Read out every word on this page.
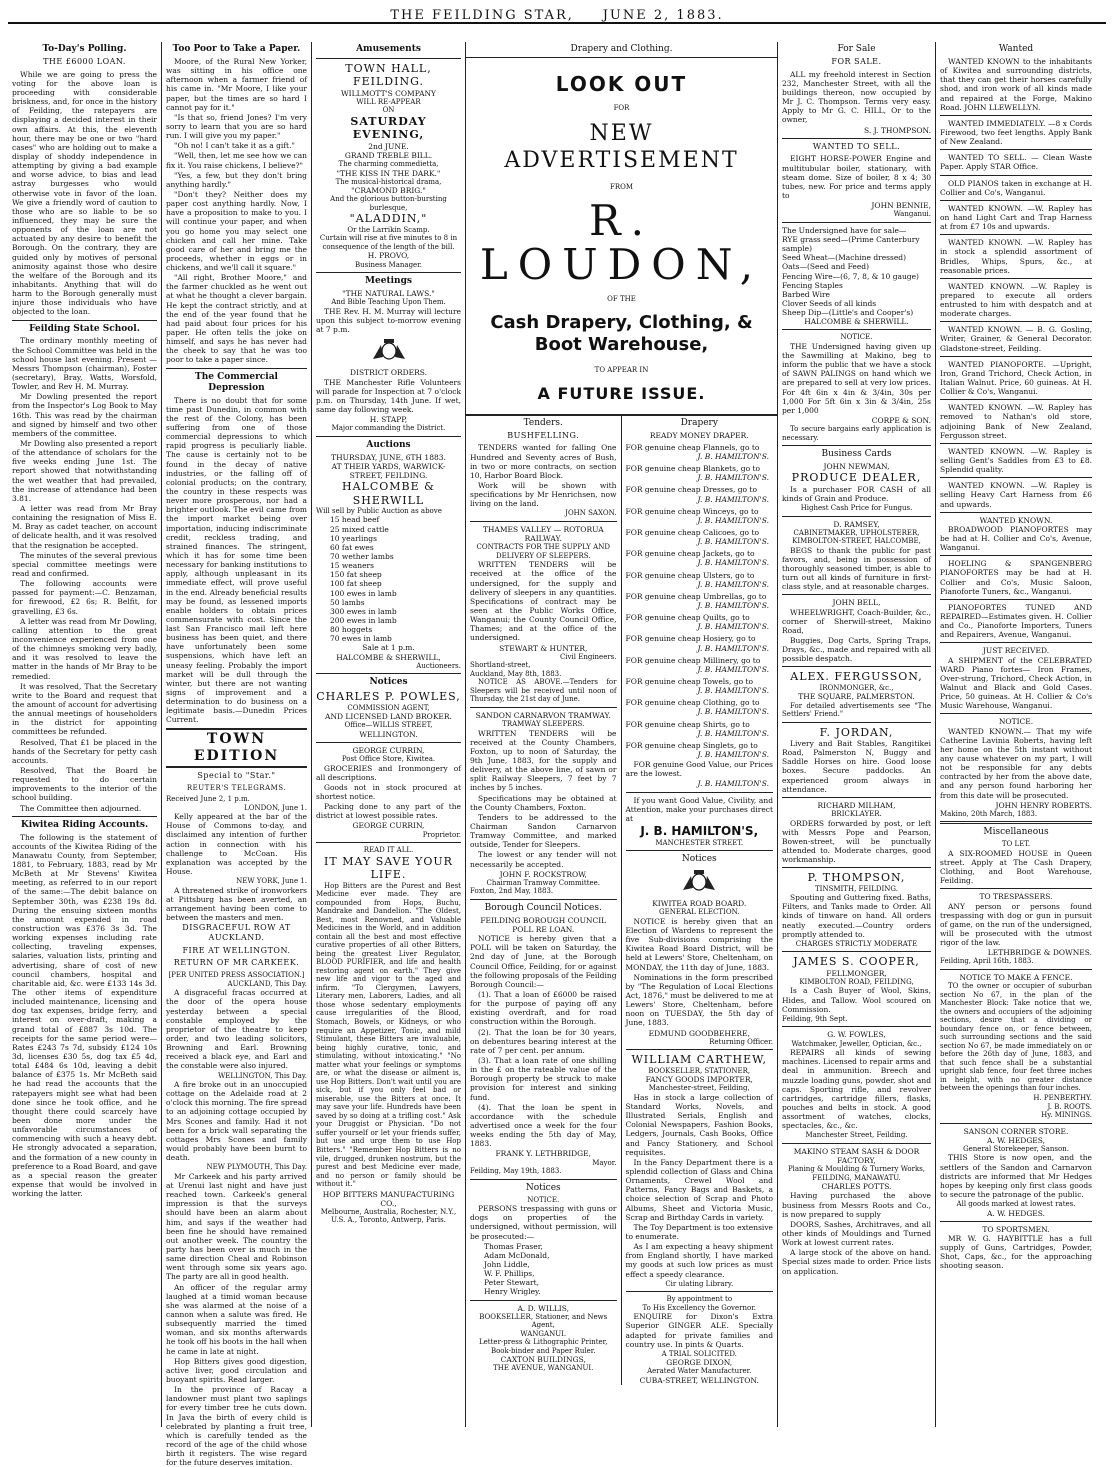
THE FEILDING STAR, JUNE 2, 1883.
To-Day's Polling.
THE £6000 LOAN.

While we are going to press the voting for the above loan is proceeding with considerable briskness, and, for once in the history of Feilding, the ratepayers are displaying a decided interest in their own affairs. At this, the eleventh hour, there may be one or two "hard cases" who are holding out to make a display of shoddy independence in attempting by giving a bad example and worse advice, to bias and lead astray burgesses who would otherwise vote in favor of the loan. We give a friendly word of caution to those who are so liable to be so influenced, they may be sure the opponents of the loan are not actuated by any desire to benefit the Borough. On the contrary, they are guided only by motives of personal animosity against those who desire the welfare of the Borough and its inhabitants. Anything that will do harm to the Borough generally must injure those individuals who have objected to the loan.

Feilding State School.

The ordinary monthly meeting of the School Committee was held in the school house last evening. Present — Messrs Thompson (chairman), Foster (secretary), Bray, Watts, Worsfold, Towler, and Rev H. M. Murray.

Mr Dowling presented the report from the Inspector's Log Book to May 16th. This was read by the chairman and signed by himself and two other members of the committee.

Mr Dowling also presented a report of the attendance of scholars for the five weeks ending June 1st. The report showed that notwithstanding the wet weather that had prevailed, the increase of attendance had been 3.81.

A letter was read from Mr Bray containing the resignation of Miss E. M. Bray as cadet teacher, on account of delicate health, and it was resolved that the resignation be accepted.

The minutes of the several previous special committee meetings were read and confirmed.

The following accounts were passed for payment:—C. Benzaman, for firewood, £2 6s; R. Belfit, for gravelling, £3 6s.

A letter was read from Mr Dowling, calling attention to the great inconvenience experienced from one of the chimneys smoking very badly, and it was resolved to leave the matter in the hands of Mr Bray to be remedied.

It was resolved, That the Secretary write to the Board and request that the amount of account for advertising the annual meetings of householders in the district for appointing committees be refunded.

Resolved, That £1 be placed in the hands of the Secretary for petty cash accounts.

Resolved, That the Board be requested to do certain improvements to the interior of the school building.

The Committee then adjourned.

Kiwitea Riding Accounts.

The following is the statement of accounts of the Kiwitea Riding of the Manawatu County, from September, 1881, to February, 1883, read by Mr McBeth at Mr Stevens' Kiwitea meeting, as referred to in our report of the same:—The debit balance on September 30th, was £238 19s 8d. During the ensuing sixteen months the amount expended in road construction was £376 3s 3d. The working expenses including rate collecting, traveling expenses, salaries, valuation lists, printing and advertising, share of cost of new council chambers, hospital and charitable aid, &c. were £133 14s 3d. The other items of expenditure included maintenance, licensing and dog tax expenses, bridge ferry, and interest on over-draft, making a grand total of £887 3s 10d. The receipts for the same period were—Rates £243 7s 7d, subsidy £124 10s 3d, licenses £30 5s, dog tax £5 4d, total £484 6s 10d, leaving a debit balance of £375 1s. Mr McBeth said he had read the accounts that the ratepayers might see what had been done since he took office, and he thought there could scarcely have been done more under the unfavorable circumstances of commencing with such a heavy debt. He strongly advocated a separation, and the formation of a new county in preference to a Road Board, and gave as a special reason the greater expense that would be involved in working the latter.

Too Poor to Take a Paper.

Moore, of the Rural New Yorker, was sitting in his office one afternoon when a farmer friend of his came in. "Mr Moore, I like your paper, but the times are so hard I cannot pay for it."

"Is that so, friend Jones? I'm very sorry to learn that you are so hard run. I will give you my paper."

"Oh no! I can't take it as a gift."

"Well, then, let me see how we can fix it. You raise chickens, I believe?"

"Yes, a few, but they don't bring anything hardly."

"Don't they? Neither does my paper cost anything hardly. Now, I have a proposition to make to you. I will continue your paper, and when you go home you may select one chicken and call her mine. Take good care of her and bring me the proceeds, whether in eggs or in chickens, and we'll call it square."

"All right, Brother Moore," and the farmer chuckled as he went out at what he thought a clever bargain. He kept the contract strictly, and at the end of the year found that he had paid about four prices for his paper. He often tells the joke on himself, and says he has never had the cheek to say that he was too poor to take a paper since.

The Commercial Depression

There is no doubt that for some time past Dunedin, in common with the rest of the Colony, has been suffering from one of those commercial depressions to which rapid progress is peculiarly liable. The cause is certainly not to be found in the decay of native industries, or the falling off of colonial products; on the contrary, the country in these respects was never more prosperous, nor had a brighter outlook. The evil came from the import market being over importation, inducing indiscriminate credit, reckless trading, and strained finances. The stringent, which it has for some time been necessary for banking institutions to apply, although unpleasant in its immediate effect, will prove useful in the end. Already beneficial results may be found, as lessened imports enable holders to obtain prices commensurate with cost. Since the last San Francisco mail left here business has been quiet, and there have unfortunately been some suspensions, which have left an uneasy feeling. Probably the import market will be dull through the winter, but there are not wanting signs of improvement and a determination to do business on a legitimate basis.—Dunedin Prices Current.

TOWN EDITION
Special to "Star."
REUTER'S TELEGRAMS.
Received June 2, 1 p.m.
LONDON, June 1.

Kelly appeared at the bar of the House of Commons to-day, and disclaimed any intention of further action in connection with his challenge to McCoan. His explanation was accepted by the House.

NEW YORK, June 1.

A threatened strike of ironworkers at Pittsburg has been averted, an arrangement having been come to between the masters and men.

DISGRACEFUL ROW AT AUCKLAND.
FIRE AT WELLINGTON.
RETURN OF MR CARKEEK.
[PER UNITED PRESS ASSOCIATION.]
AUCKLAND, This Day.

A disgraceful fracas occurred at the door of the opera house yesterday between a special constable employed by the proprietor of the theatre to keep order, and two leading solicitors, Browning and Earl. Browning received a black eye, and Earl and the constable were also injured.

WELLINGTON, This Day.

A fire broke out in an unoccupied cottage on the Adelaide road at 2 o'clock this morning. The fire spread to an adjoining cottage occupied by Mrs Scones and family. Had it not been for a brick wall separating the cottages Mrs Scones and family would probably have been burnt to death.

NEW PLYMOUTH, This Day.

Mr Carkeek and his party arrived at Urenui last night and have just reached town. Carkeek's general impression is that the surveys should have been an alarm about him, and says if the weather had been fine he should have remained out another week. The country the party has been over is much in the same direction Cheal and Robinson went through some six years ago. The party are all in good health.

An officer of the regular army laughed at a timid woman because she was alarmed at the noise of a cannon when a salute was fired. He subsequently married the timed woman, and six months afterwards he took off his boots in the hall when he came in late at night.

Hop Bitters gives good digestion, active liver, good circulation and buoyant spirits. Read larger.

In the province of Racay a landowner must plant two saplings for every timber tree he cuts down. In Java the birth of every child is celebrated by planting a fruit tree, which is carefully tended as the record of the age of the child whose birth it registers. The wise regard for the future deserves imitation.

Amusements
TOWN HALL, FEILDING.
WILLMOTT'S COMPANY
WILL RE-APPEAR
ON
SATURDAY EVENING,
2nd JUNE.
GRAND TREBLE BILL.
The charming commedietta,
"THE KISS IN THE DARK."
The musical-historical drama,
"CRAMOND BRIG."
And the glorious button-bursting burlesque,
"ALADDIN,"
Or the Larrikin Scamp.
Curtain will rise at five minutes to 8 in consequence of the length of the bill.
H. PROVO,
Business Manager.
Meetings
"THE NATURAL LAWS."
And Bible Teaching Upon Them.

THE Rev. H. M. Murray will lecture upon this subject to-morrow evening at 7 p.m.

DISTRICT ORDERS.

THE Manchester Rifle Volunteers will parade for Inspection at 7 o'clock p.m. on Thursday, 14th June. If wet, same day following week.

H. STAPP,
Major commanding the District.
Auctions
THURSDAY, JUNE, 6TH 1883.
AT THEIR YARDS, WARWICK-STREET, FEILDING.
HALCOMBE & SHERWILL
Will sell by Public Auction as above
15 head beef
25 mixed cattle
10 yearlings
60 fat ewes
70 wether lambs
15 weaners
150 fat sheep
100 fat sheep
100 ewes in lamb
50 lambs
300 ewes in lamb
200 ewes in lamb
80 hoggets
70 ewes in lamb
Sale at 1 p.m.
HALCOMBE & SHERWILL,
Auctioneers.
Notices
CHARLES P. POWLES,
COMMISSION AGENT,
AND LICENSED LAND BROKER.
Office—WILLIS STREET,
WELLINGTON.
GEORGE CURRIN,
Post Office Store, Kiwitea.

GROCERIES and Ironmongery of all descriptions.

Goods not in stock procured at shortest notice.

Packing done to any part of the district at lowest possible rates.

GEORGE CURRIN,
Proprietor.
READ IT ALL.
IT MAY SAVE YOUR LIFE.

Hop Bitters are the Purest and Best Medicine ever made. They are compounded from Hops, Buchu, Mandrake and Dandelion. "The Oldest, Best, most Renowned, and Valuable Medicines in the World, and in addition contain all the best and most effective curative properties of all other Bitters, being the greatest Liver Regulator, BLOOD PURIFIER, and life and health restoring agent on earth." They give new life and vigor to the aged and infirm. "To Clergymen, Lawyers, Literary men, Laborers, Ladies, and all those whose sedentary employments cause irregularities of the Blood, Stomach, Bowels, or Kidneys, or who require an Appetizer, Tonic, and mild Stimulant, these Bitters are invaluable, being highly curative, tonic, and stimulating, without intoxicating." "No matter what your feelings or symptoms are, or what the disease or ailment is, use Hop Bitters. Don't wait until you are sick, but if you only feel bad or miserable, use the Bitters at once. It may save your life. Hundreds have been saved by so doing at a trifling cost." Ask your Druggist or Physician. "Do not suffer yourself or let your friends suffer, but use and urge them to use Hop Bitters." "Remember Hop Bitters is no vile, drugged, drunken nostrum, but the purest and best Medicine ever made, and no person or family should be without it."

HOP BITTERS MANUFACTURING CO.,
Melbourne, Australia, Rochester, N.Y., U.S. A., Toronto, Antwerp, Paris.
Drapery and Clothing.
LOOK OUT
FOR
NEW ADVERTISEMENT
FROM
R. LOUDON,
OF THE
Cash Drapery, Clothing, & Boot Warehouse,
TO APPEAR IN
A FUTURE ISSUE.
Tenders.
BUSHFELLING.

TENDERS wanted for falling One Hundred and Seventy acres of Bush, in two or more contracts, on section 10, Harbor Board Block.

Work will be shown with specifications by Mr Henrichsen, now living on the land.

JOHN SAXON.
THAMES VALLEY — ROTORUA RAILWAY.
CONTRACTS FOR THE SUPPLY AND DELIVERY OF SLEEPERS.

WRITTEN TENDERS will be received at the office of the undersigned, for the supply and delivery of sleepers in any quantities. Specifications of contract may be seen at the Public Works Office, Wanganui; the County Council Office, Thames; and at the office of the undersigned.

STEWART & HUNTER,
Civil Engineers.
Shortland-street,
Auckland, May 8th, 1883.

NOTICE AS ABOVE.—Tenders for Sleepers will be received until noon of Thursday, the 21st day of June.

SANDON CARNARVON TRAMWAY.
TRAMWAY SLEEPERS.

WRITTEN TENDERS will be received at the County Chambers, Foxton, up to noon of Saturday, the 9th June, 1883, for the supply and delivery, at the above line, of sawn or split Railway Sleepers, 7 feet by 7 inches by 5 inches.

Specifications may be obtained at the County Chambers, Foxton.

Tenders to be addressed to the Chairman Sandon Carnarvon Tramway Committee, and marked outside, Tender for Sleepers.

The lowest or any tender will not necessarily be accepted.

JOHN F. ROCKSTROW,
Chairman Tramway Committee.
Foxton, 2nd May, 1883.
Borough Council Notices.
FEILDING BOROUGH COUNCIL
POLL RE LOAN.

NOTICE is hereby given that a POLL will be taken on Saturday, the 2nd day of June, at the Borough Council Office, Feilding, for or against the following proposals of the Feilding Borough Council:—

(1). That a loan of £6000 be raised for the purpose of paying off any existing overdraft, and for road construction within the Borough.

(2). That the loan be for 30 years, on debentures bearing interest at the rate of 7 per cent. per annum.

(3). That a loan rate of one shilling in the £ on the rateable value of the Borough property be struck to make provision for interest and sinking fund.

(4). That the loan be spent in accordance with the schedule advertised once a week for the four weeks ending the 5th day of May, 1883.

FRANK Y. LETHBRIDGE,
Mayor.
Feilding, May 19th, 1883.
Notices
NOTICE.

PERSONS trespassing with guns or dogs on properties of the undersigned, without permission, will be prosecuted:—

Thomas Fraser,
Adam McDonald,
John Liddle,
W. F. Phillips,
Peter Stewart,
Henry Wrigley.
A. D. WILLIS,
BOOKSELLER, Stationer, and News Agent,
WANGANUI.
Letter-press & Lithographic Printer, Book-binder and Paper Ruler.
CAXTON BUILDINGS,
THE AVENUE, WANGANUI.
Drapery
READY MONEY DRAPER.
FOR genuine cheap Flannels, go to
J. B. HAMILTON'S.
FOR genuine cheap Blankets, go to
J. B. HAMILTON'S.
FOR genuine cheap Dresses, go to
J. B. HAMILTON'S.
FOR genuine cheap Winceys, go to
J. B. HAMILTON'S.
FOR genuine cheap Calicoes, go to
J. B. HAMILTON'S.
FOR genuine cheap Jackets, go to
J. B. HAMILTON'S.
FOR genuine cheap Ulsters, go to
J. B. HAMILTON'S.
FOR genuine cheap Umbrellas, go to
J. B. HAMILTON'S.
FOR genuine cheap Quilts, go to
J. B. HAMILTON'S.
FOR genuine cheap Hosiery, go to
J. B. HAMILTON'S.
FOR genuine cheap Millinery, go to
J. B. HAMILTON'S.
FOR genuine cheap Towels, go to
J. B. HAMILTON'S.
FOR genuine cheap Clothing, go to
J. B. HAMILTON'S.
FOR genuine cheap Shirts, go to
J. B. HAMILTON'S.
FOR genuine cheap Singlets, go to
J. B. HAMILTON'S.

FOR genuine Good Value, our Prices are the lowest.

J. B. HAMILTON'S.

If you want Good Value, Civility, and Attention, make your purchases direct at

J. B. HAMILTON'S,
MANCHESTER STREET.
Notices
KIWITEA ROAD BOARD.
GENERAL ELECTION.

NOTICE is hereby given that an Election of Wardens to represent the five Sub-divisions comprising the Kiwitea Road Board District, will be held at Lewers' Store, Cheltenham, on MONDAY, the 11th day of June, 1883.

Nominations in the form prescribed by "The Regulation of Local Elections Act, 1876," must be delivered to me at Lewers' Store, Cheltenham, before noon on TUESDAY, the 5th day of June, 1883.

EDMUND GOODBEHERE,
Returning Officer.
WILLIAM CARTHEW,
BOOKSELLER, STATIONER,
FANCY GOODS IMPORTER,
Manchester-street, Feilding,

Has in stock a large collection of Standard Works, Novels, and Illustrated Serials, English and Colonial Newspapers, Fashion Books, Ledgers, Journals, Cash Books, Office and Fancy Stationery, and School requisites.

In the Fancy Department there is a splendid collection of Glass and China Ornaments, Crewel Wool and Patterns, Fancy Bags and Baskets, a choice selection of Scrap and Photo Albums, Sheet and Victoria Music, Scrap and Birthday Cards in variety.

The Toy Department is too extensive to enumerate.

As I am expecting a heavy shipment from England shortly, I have marked my goods at such low prices as must effect a speedy clearance.

Cir ulating Library.
By appointment to
To His Excellency the Governor.

ENQUIRE for Dixon's Extra Superior GINGER ALE. Specially adapted for private families and country use. In pints & Quarts.

A TRIAL SOLICITED.
GEORGE DIXON,
Aerated Water Manufacturer.
CUBA-STREET, WELLINGTON.
For Sale
FOR SALE.

ALL my freehold interest in Section 232, Manchester Street, with all the buildings thereon, now occupied by Mr J. C. Thompson. Terms very easy. Apply to Mr G. C. HILL, Or to the owner,

S. J. THOMPSON.
WANTED TO SELL.

EIGHT HORSE-POWER Engine and multitubular boiler, stationary, with steam dome. Size of boiler, 8 x 4; 30 tubes, new. For price and terms apply to

JOHN BENNIE,
Wanganui.
The Undersigned have for sale—
RYE grass seed—(Prime Canterbury sample)
Seed Wheat—(Machine dressed)
Oats—(Seed and Feed)
Fencing Wire—(6, 7, 8, & 10 gauge)
Fencing Staples
Barbed Wire
Clover Seeds of all kinds
Sheep Dip—(Little's and Cooper's)
HALCOMBE & SHERWILL.
NOTICE.

THE Undersigned having given up the Sawmilling at Makino, beg to inform the public that we have a stock of SAWN PALINGS on hand which we are prepared to sell at very low prices. For 4ft 6in x 4in & 3/4in, 30s per 1,000 For 5ft 6in x 3in & 3/4in, 25s per 1,000

CORPE & SON.

To secure bargains early application is necessary.

Business Cards
JOHN NEWMAN,
PRODUCE DEALER,

Is a purchaser FOR CASH of all kinds of Grain and Produce.

Highest Cash Price for Fungus.
D. RAMSEY,
CABINETMAKER, UPHOLSTERER,
KIMBOLTON-STREET, HALCOMBE,

BEGS to thank the public for past favors, and, being in possession of thoroughly seasoned timber, is able to turn out all kinds of furniture in first-class style, and at reasonable charges.

JOHN BELL,

WHEELWRIGHT, Coach-Builder, &c., corner of Sherwill-street, Makino Road,

Buggies, Dog Carts, Spring Traps, Drays, &c., made and repaired with all possible despatch.

ALEX. FERGUSSON,
IRONMONGER, &c.,
THE SQUARE, PALMERSTON.

For detailed advertisements see "The Settlers' Friend."

F. JORDAN,

Livery and Bait Stables, Rangitikei Road, Palmerston N, Buggy and Saddle Horses on hire. Good loose boxes. Secure paddocks. An experienced groom always in attendance.

RICHARD MILHAM,
BRICKLAYER.

ORDERS forwarded by post, or left with Messrs Pope and Pearson, Bowen-street, will be punctually attended to. Moderate charges, good workmanship.

P. THOMPSON,
TINSMITH, FEILDING.

Spouting and Guttering fixed. Baths, Filters, and Tanks made to Order. All kinds of tinware on hand. All orders neatly executed.—Country orders promptly attended to.

CHARGES STRICTLY MODERATE
JAMES S. COOPER,
FELLMONGER,
KIMBOLTON ROAD, FEILDING,

Is a Cash Buyer of Wool, Skins, Hides, and Tallow. Wool scoured on Commission.

Feilding, 9th Sept.
G. W. FOWLES,
Watchmaker, Jeweller, Optician, &c.,

REPAIRS all kinds of sewing machines. Licensed to repair arms and deal in ammunition. Breech and muzzle loading guns, powder, shot and caps. Sporting rifle, and revolver cartridges, cartridge fillers, flasks, pouches and belts in stock. A good assortment of watches, clocks, spectacles, &c., &c.

Manchester Street, Feilding.
MAKINO STEAM SASH & DOOR FACTORY,
Planing & Moulding & Turnery Works, FEILDING, MANAWATU.
CHARLES POTTS.

Having purchased the above business from Messrs Roots and Co., is now prepared to supply

DOORS, Sashes, Architraves, and all other kinds of Mouldings and Turned Work at lowest current rates.

A large stock of the above on hand. Special sizes made to order. Price lists on application.

Wanted

WANTED KNOWN to the inhabitants of Kiwitea and surrounding districts, that they can get their horses carefully shod, and iron work of all kinds made and repaired at the Forge, Makino Road. JOHN LLEWELLYN.

WANTED IMMEDIATELY. —8 x Cords Firewood, two feet lengths. Apply Bank of New Zealand.

WANTED TO SELL. — Clean Waste Paper. Apply STAR Office.

OLD PIANOS taken in exchange at H. Collier and Co's, Wanganui.

WANTED KNOWN. —W. Rapley has on hand Light Cart and Trap Harness at from £7 10s and upwards.

WANTED KNOWN. —W. Rapley has in stock a splendid assortment of Bridles, Whips, Spurs, &c., at reasonable prices.

WANTED KNOWN. —W. Rapley is prepared to execute all orders entrusted to him with despatch and at moderate charges.

WANTED KNOWN. — B. G. Gosling, Writer, Grainer, & General Decorator. Gladstone-street, Feilding.

WANTED PIANOFORTE. —Upright, Iron, Grand Trichord, Check Action, in Italian Walnut. Price, 60 guineas. At H. Collier & Co's, Wanganui.

WANTED KNOWN. —W. Rapley has removed to Nathan's old store, adjoining Bank of New Zealand, Fergusson street.

WANTED KNOWN. —W. Rapley is selling Gent's Saddles from £3 to £8. Splendid quality.

WANTED KNOWN. —W. Rapley is selling Heavy Cart Harness from £6 and upwards.

WANTED KNOWN.

BROADWOOD PIANOFORTES may be had at H. Collier and Co's, Avenue, Wanganui.

HOELING & SPANGENBERG PIANOFORTES may be had at H. Collier and Co's, Music Saloon, Pianoforte Tuners, &c., Wanganui.

PIANOFORTES TUNED AND REPAIRED—Estimates given. H. Collier and Co., Pianoforte Importers, Tuners and Repairers, Avenue, Wanganui.

JUST RECEIVED.

A SHIPMENT of the CELEBRATED WARD Piano fortes— Iron Frames, Over-strung, Trichord, Check Action, in Walnut and Black and Gold Cases. Price, 50 guineas. At H. Collier & Co's Music Warehouse, Wanganui.

NOTICE.

WANTED KNOWN.— That my wife Catherine Lavinia Roberts, having left her home on the 5th instant without any cause whatever on my part, I will not be responsible for any debts contracted by her from the above date, and any person found harboring her from this date will be prosecuted.

JOHN HENRY ROBERTS.
Makino, 20th March, 1883.
Miscellaneous
TO LET.

A SIX-ROOMED HOUSE in Queen street. Apply at The Cash Drapery, Clothing, and Boot Warehouse, Feilding.

TO TRESPASSERS.

ANY person or persons found trespassing with dog or gun in pursuit of game, on the run of the undersigned, will be prosecuted with the utmost rigor of the law.

LETHBRIDGE & DOWNES.
Feilding, April 16th, 1883.
NOTICE TO MAKE A FENCE.

TO the owner or occupier of suburban section No 67, in the plan of the Manchester Block: Take notice that we, the owners and occupiers of the adjoining sections, desire that a dividing or boundary fence on, or fence between, such surrounding sections and the said section No 67, be made immediately on or before the 26th day of June, 1883, and that such fence shall be a substantial upright slab fence, four feet three inches in height, with no greater distance between the openings than four inches.

H. PENBERTHY.
J. B. ROOTS.
Hy. MININGS.
SANSON CORNER STORE.
A. W. HEDGES,
General Storekeeper, Sanson.

THIS Store is now open, and the settlers of the Sandon and Carnarvon districts are informed that Mr Hedges hopes by keeping only first class goods to secure the patronage of the public.

All goods marked at lowest rates.
A. W. HEDGES.
TO SPORTSMEN.

MR W. G. HAYBITTLE has a full supply of Guns, Cartridges, Powder, Shot, Caps, &c., for the approaching shooting season.
